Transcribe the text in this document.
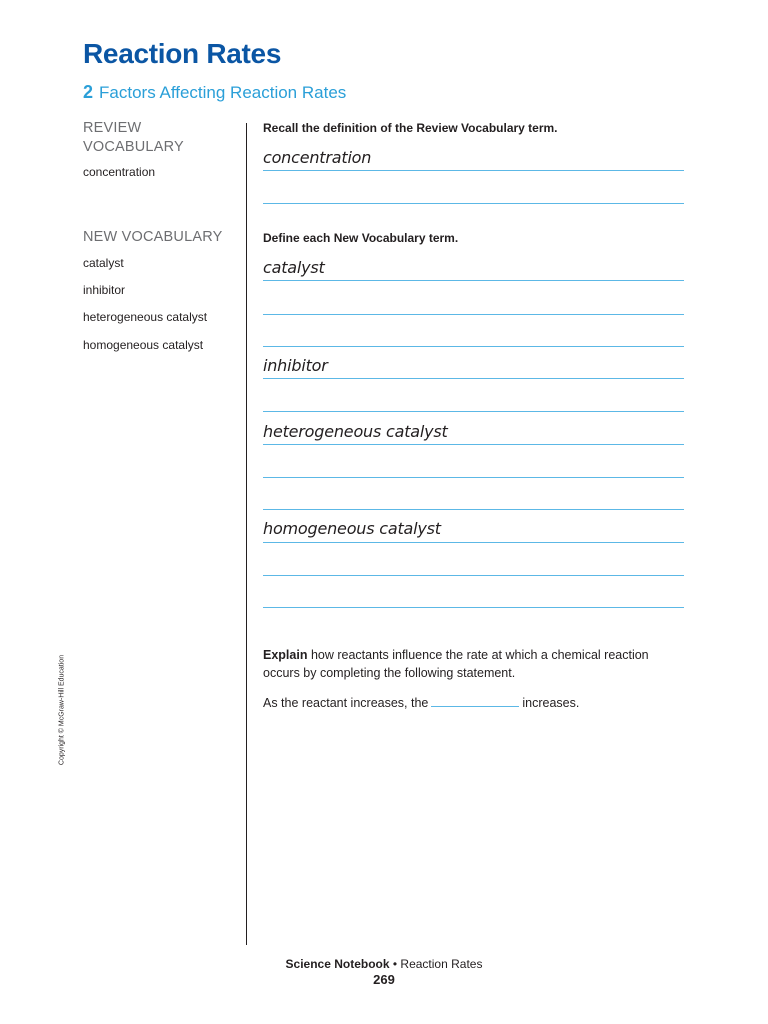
Reaction Rates
2 Factors Affecting Reaction Rates
REVIEW VOCABULARY
concentration
NEW VOCABULARY
catalyst
inhibitor
heterogeneous catalyst
homogeneous catalyst
Recall the definition of the Review Vocabulary term.
concentration
Define each New Vocabulary term.
catalyst
inhibitor
heterogeneous catalyst
homogeneous catalyst
Explain how reactants influence the rate at which a chemical reaction occurs by completing the following statement.
As the reactant increases, the	increases.
Copyright © McGraw-Hill Education
Science Notebook • Reaction Rates
269
